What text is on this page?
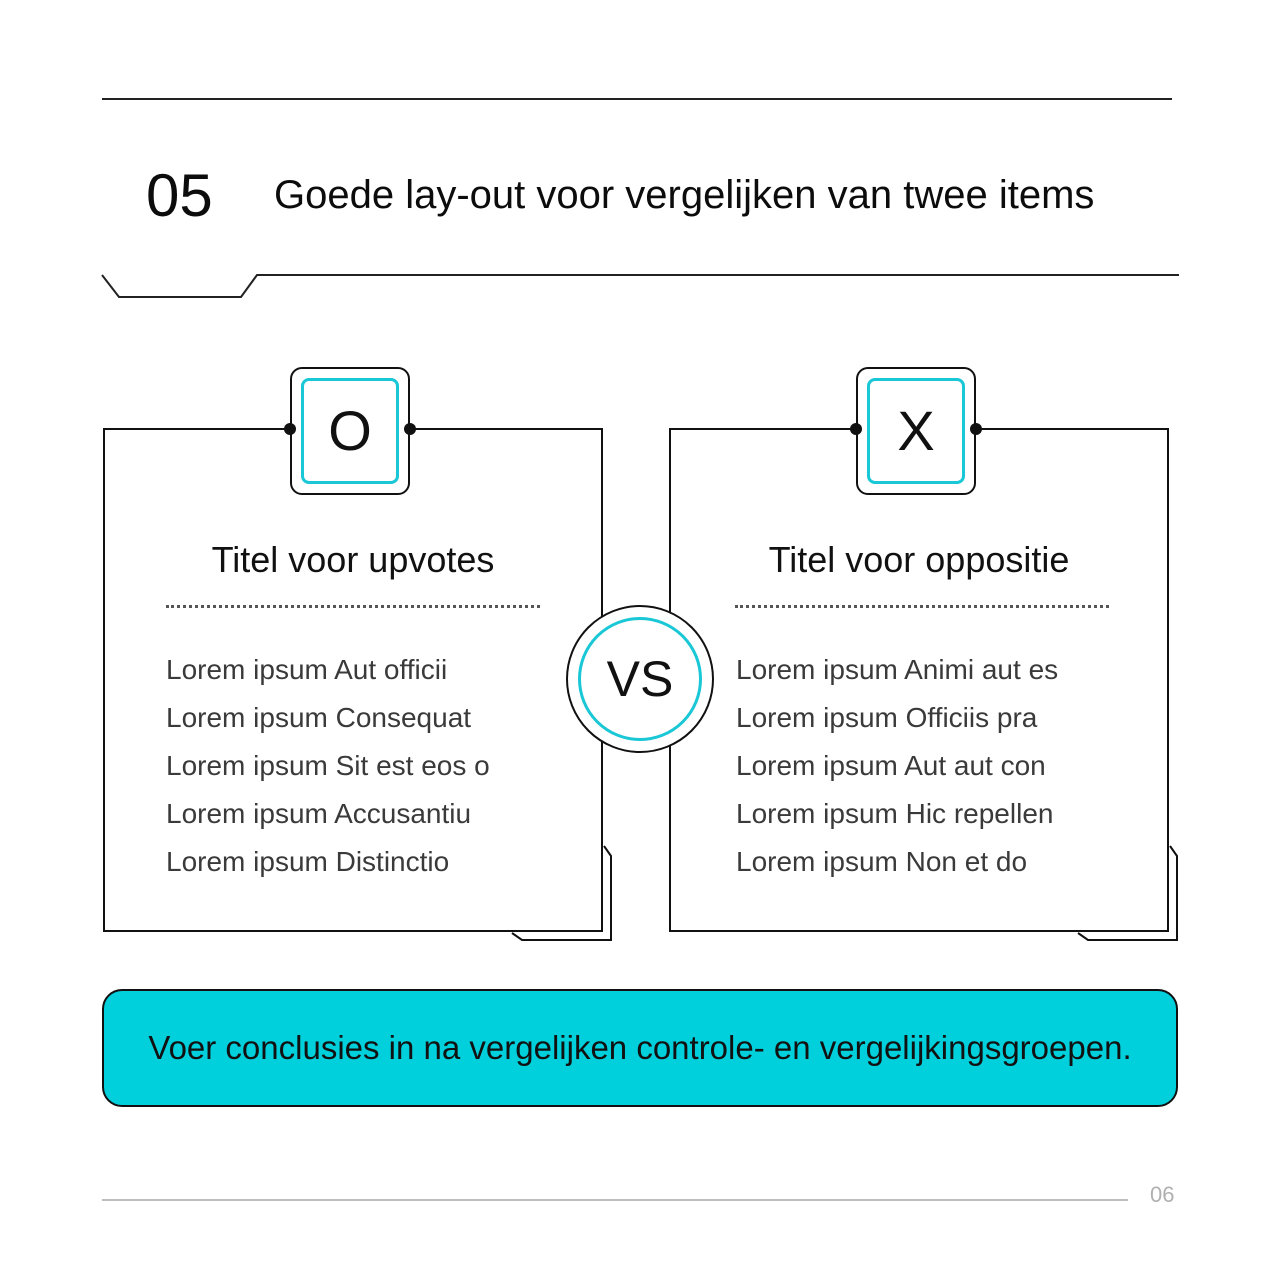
05 Goede lay-out voor vergelijken van twee items
O	X
Titel voor upvotes	Titel voor oppositie
Lorem ipsum Aut officii
Lorem ipsum Consequat
Lorem ipsum Sit est eos o
Lorem ipsum Accusantiu
Lorem ipsum Distinctio
Lorem ipsum Animi aut es
Lorem ipsum Officiis pra
Lorem ipsum Aut aut con
Lorem ipsum Hic repellen
Lorem ipsum Non et do
VS
Voer conclusies in na vergelijken controle- en vergelijkingsgroepen.
06
